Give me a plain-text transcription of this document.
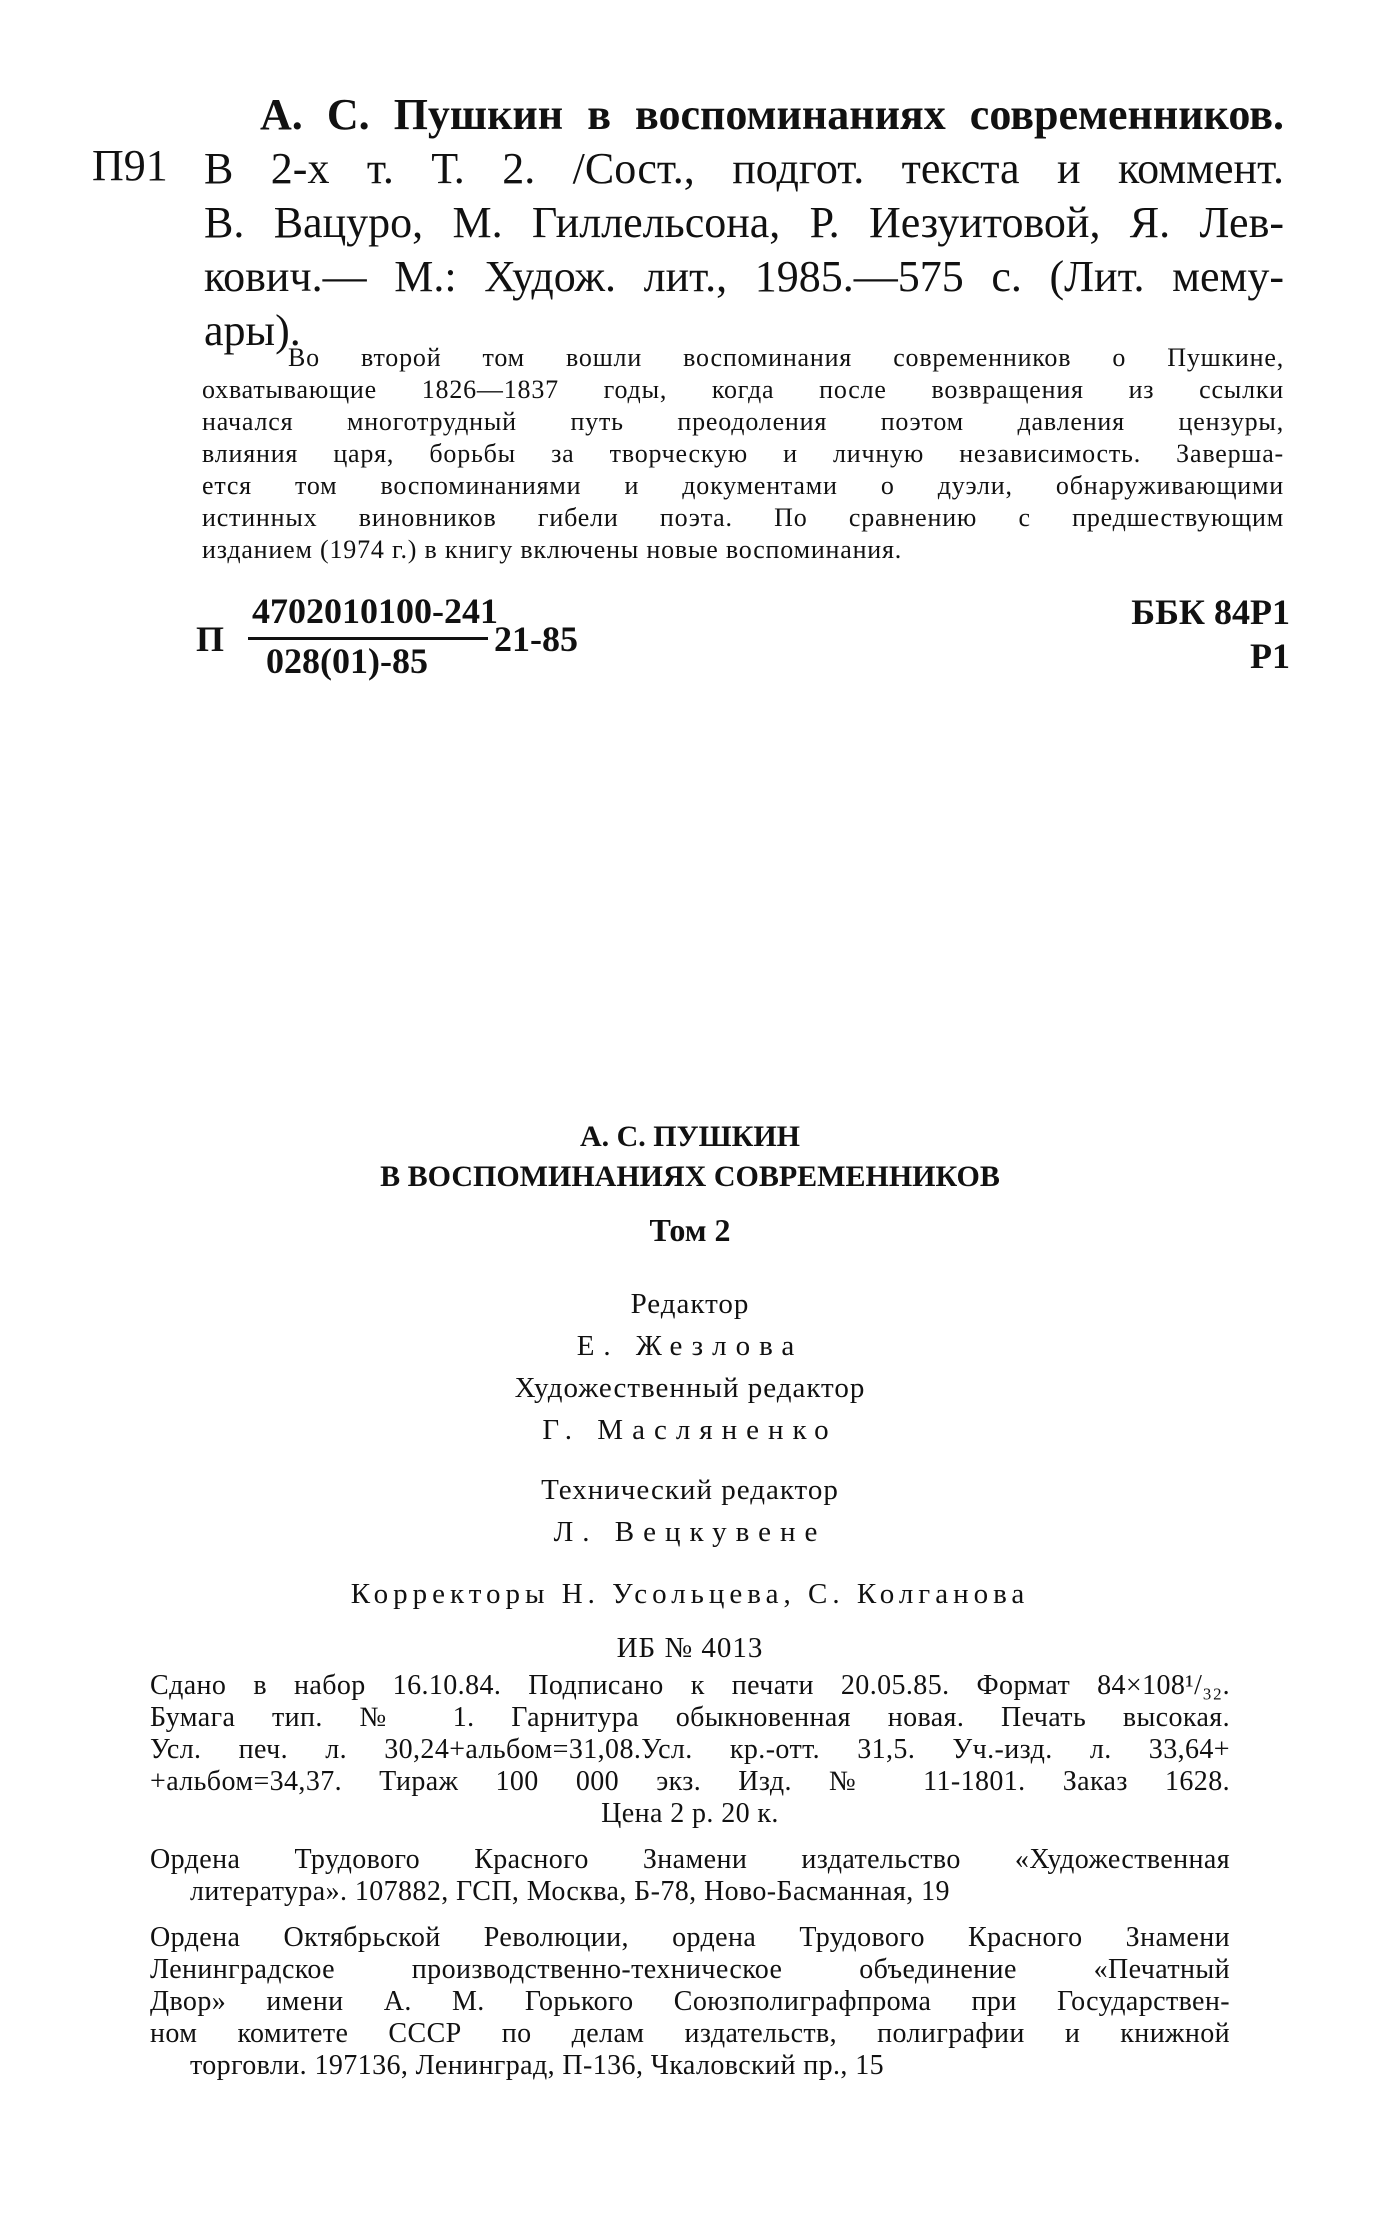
П91
А. С. Пушкин в воспоминаниях современников.
В 2-х т. Т. 2. /Сост., подгот. текста и коммент.
В. Вацуро, М. Гиллельсона, Р. Иезуитовой, Я. Лев-
кович.— М.: Худож. лит., 1985.—575 с. (Лит. мему-
ары).
Во второй том вошли воспоминания современников о Пушкине,
охватывающие 1826—1837 годы, когда после возвращения из ссылки
начался многотрудный путь преодоления поэтом давления цензуры,
влияния царя, борьбы за творческую и личную независимость. Заверша-
ется том воспоминаниями и документами о дуэли, обнаруживающими
истинных виновников гибели поэта. По сравнению с предшествующим
изданием (1974 г.) в книгу включены новые воспоминания.
П
4702010100-241
028(01)-85
21-85
ББК 84Р1
Р1
А. С. ПУШКИН
В ВОСПОМИНАНИЯХ СОВРЕМЕННИКОВ
Том 2
Редактор
Е. Жезлова
Художественный редактор
Г. Масляненко
Технический редактор
Л. Вецкувене
Корректоры Н. Усольцева, С. Колганова
ИБ № 4013
Сдано в набор 16.10.84. Подписано к печати 20.05.85. Формат 84×108¹/₃₂.
Бумага тип. № 1. Гарнитура обыкновенная новая. Печать высокая.
Усл. печ. л. 30,24+альбом=31,08.Усл. кр.-отт. 31,5. Уч.-изд. л. 33,64+
+альбом=34,37. Тираж 100 000 экз. Изд. № 11-1801. Заказ 1628.
Цена 2 р. 20 к.
Ордена Трудового Красного Знамени издательство «Художественная
литература». 107882, ГСП, Москва, Б-78, Ново-Басманная, 19
Ордена Октябрьской Революции, ордена Трудового Красного Знамени
Ленинградское производственно-техническое объединение «Печатный
Двор» имени А. М. Горького Союзполиграфпрома при Государствен-
ном комитете СССР по делам издательств, полиграфии и книжной
торговли. 197136, Ленинград, П-136, Чкаловский пр., 15
